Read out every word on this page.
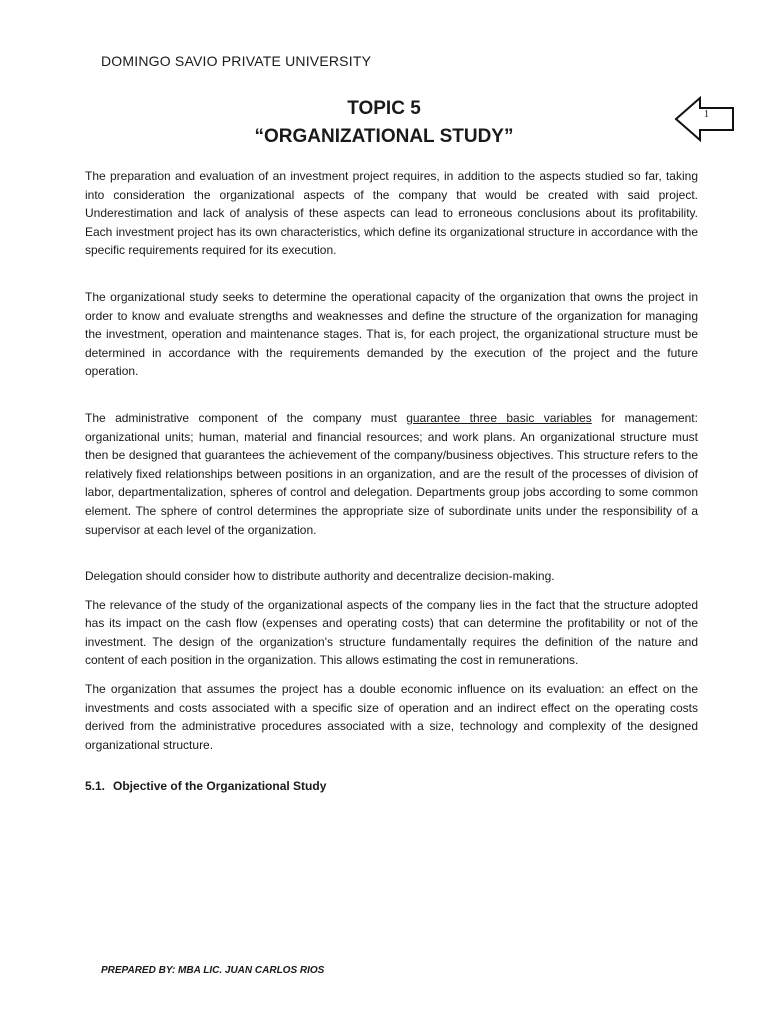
DOMINGO SAVIO PRIVATE UNIVERSITY
TOPIC 5
“ORGANIZATIONAL STUDY”
1

The preparation and evaluation of an investment project requires, in addition to the aspects studied so far, taking into consideration the organizational aspects of the company that would be created with said project. Underestimation and lack of analysis of these aspects can lead to erroneous conclusions about its profitability. Each investment project has its own characteristics, which define its organizational structure in accordance with the specific requirements required for its execution.

The organizational study seeks to determine the operational capacity of the organization that owns the project in order to know and evaluate strengths and weaknesses and define the structure of the organization for managing the investment, operation and maintenance stages. That is, for each project, the organizational structure must be determined in accordance with the requirements demanded by the execution of the project and the future operation.

The administrative component of the company must guarantee three basic variables for management: organizational units; human, material and financial resources; and work plans. An organizational structure must then be designed that guarantees the achievement of the company/business objectives. This structure refers to the relatively fixed relationships between positions in an organization, and are the result of the processes of division of labor, departmentalization, spheres of control and delegation. Departments group jobs according to some common element. The sphere of control determines the appropriate size of subordinate units under the responsibility of a supervisor at each level of the organization.

Delegation should consider how to distribute authority and decentralize decision-making.

The relevance of the study of the organizational aspects of the company lies in the fact that the structure adopted has its impact on the cash flow (expenses and operating costs) that can determine the profitability or not of the investment. The design of the organization's structure fundamentally requires the definition of the nature and content of each position in the organization. This allows estimating the cost in remunerations.

The organization that assumes the project has a double economic influence on its evaluation: an effect on the investments and costs associated with a specific size of operation and an indirect effect on the operating costs derived from the administrative procedures associated with a size, technology and complexity of the designed organizational structure.

5.1. Objective of the Organizational Study
PREPARED BY: MBA LIC. JUAN CARLOS RIOS
